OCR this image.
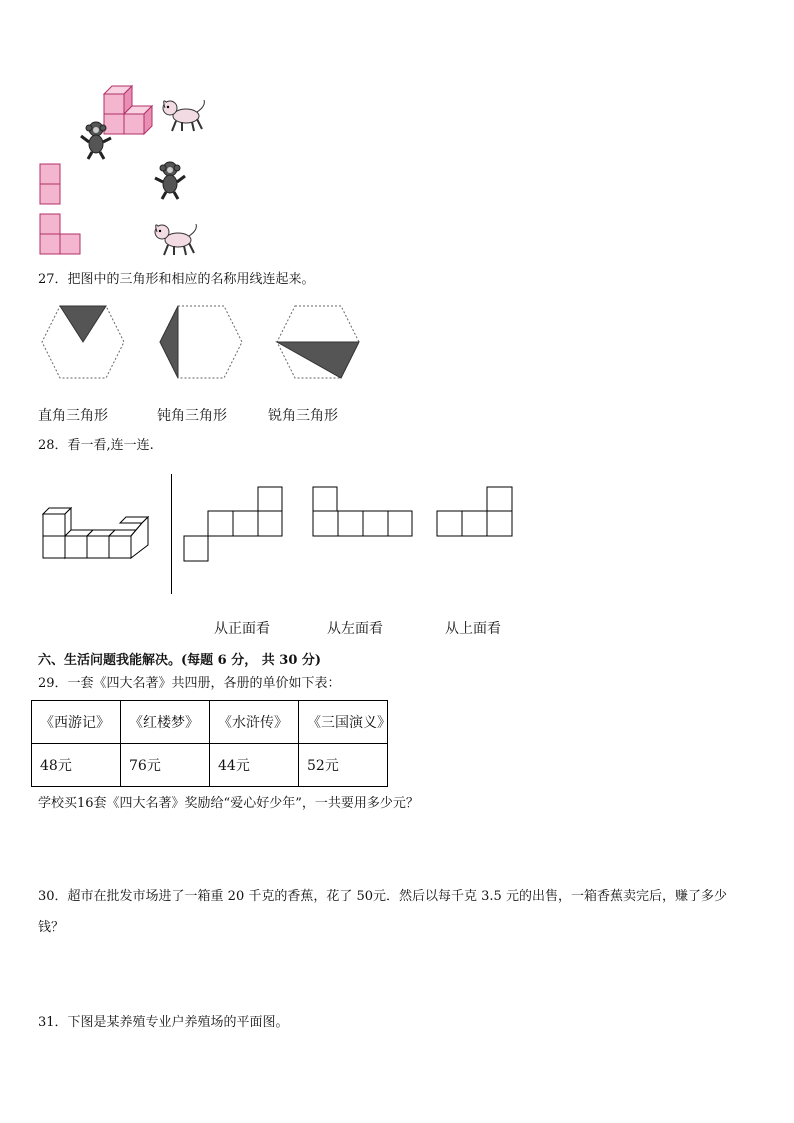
27．把图中的三角形和相应的名称用线连起来。
直角三角形	钝角三角形	锐角三角形
28．看一看,连一连.
从正面看	从左面看	从上面看
六、生活问题我能解决。(每题 6 分， 共 30 分)
29．一套《四大名著》共四册，各册的单价如下表：
《西游记》	《红楼梦》	《水浒传》	《三国演义》
48元	76元	44元	52元
学校买16套《四大名著》奖励给“爱心好少年”，一共要用多少元？
30．超市在批发市场进了一箱重 20 千克的香蕉，花了 50元．然后以每千克 3.5 元的出售，一箱香蕉卖完后，赚了多少
钱？
31．下图是某养殖专业户养殖场的平面图。
